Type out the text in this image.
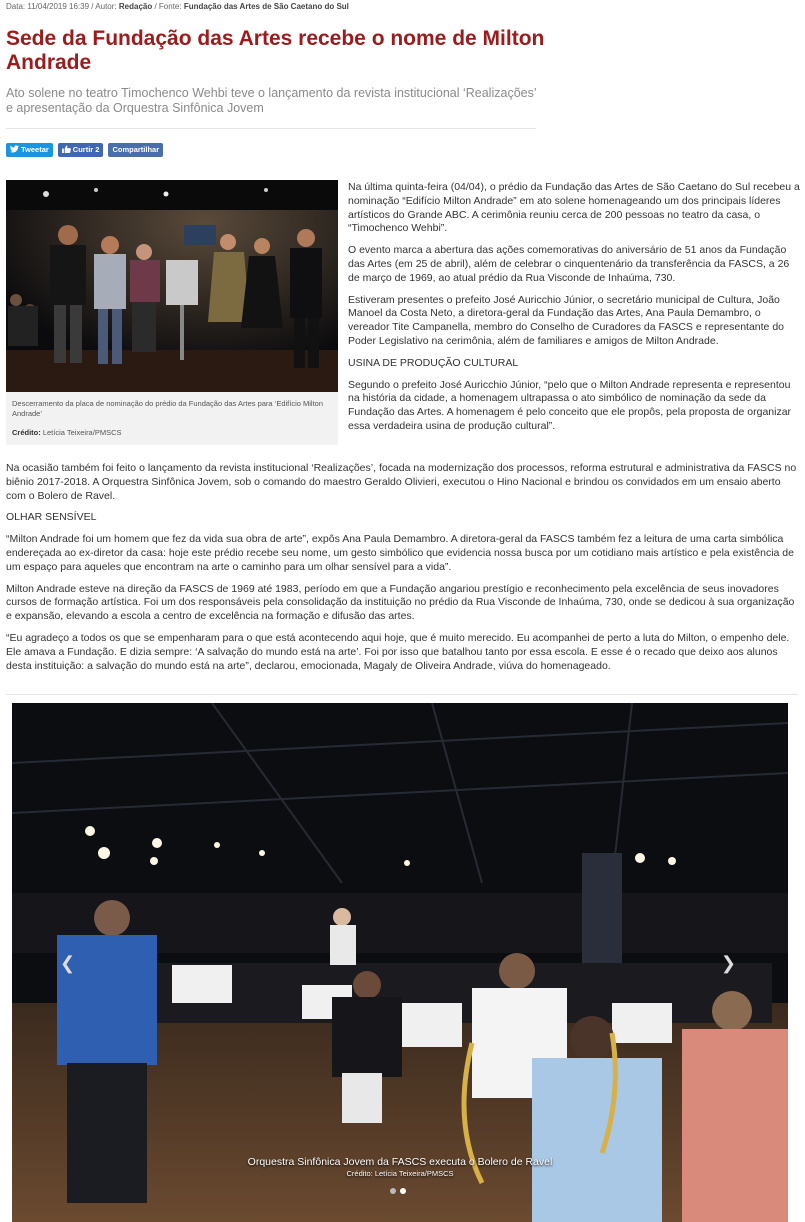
Data: 11/04/2019 16:39 / Autor: Redação / Fonte: Fundação das Artes de São Caetano do Sul
Sede da Fundação das Artes recebe o nome de Milton Andrade

Ato solene no teatro Timochenco Wehbi teve o lançamento da revista institucional ‘Realizações’ e apresentação da Orquestra Sinfônica Jovem

Tweetar	Curtir 2 Compartilhar
Descerramento da placa de nominação do prédio da Fundação das Artes para ‘Edifício Milton Andrade’
Crédito: Letícia Teixeira/PMSCS

Na última quinta-feira (04/04), o prédio da Fundação das Artes de São Caetano do Sul recebeu a nominação “Edifício Milton Andrade” em ato solene homenageando um dos principais líderes artísticos do Grande ABC. A cerimônia reuniu cerca de 200 pessoas no teatro da casa, o “Timochenco Wehbi”.

O evento marca a abertura das ações comemorativas do aniversário de 51 anos da Fundação das Artes (em 25 de abril), além de celebrar o cinquentenário da transferência da FASCS, a 26 de março de 1969, ao atual prédio da Rua Visconde de Inhaúma, 730.

Estiveram presentes o prefeito José Auricchio Júnior, o secretário municipal de Cultura, João Manoel da Costa Neto, a diretora-geral da Fundação das Artes, Ana Paula Demambro, o vereador Tite Campanella, membro do Conselho de Curadores da FASCS e representante do Poder Legislativo na cerimônia, além de familiares e amigos de Milton Andrade.

USINA DE PRODUÇÃO CULTURAL

Segundo o prefeito José Auricchio Júnior, “pelo que o Milton Andrade representa e representou na história da cidade, a homenagem ultrapassa o ato simbólico de nominação da sede da Fundação das Artes. A homenagem é pelo conceito que ele propôs, pela proposta de organizar essa verdadeira usina de produção cultural”.

Na ocasião também foi feito o lançamento da revista institucional ‘Realizações’, focada na modernização dos processos, reforma estrutural e administrativa da FASCS no biênio 2017-2018. A Orquestra Sinfônica Jovem, sob o comando do maestro Geraldo Olivieri, executou o Hino Nacional e brindou os convidados em um ensaio aberto com o Bolero de Ravel.

OLHAR SENSÍVEL

“Milton Andrade foi um homem que fez da vida sua obra de arte”, expôs Ana Paula Demambro. A diretora-geral da FASCS também fez a leitura de uma carta simbólica endereçada ao ex-diretor da casa: hoje este prédio recebe seu nome, um gesto simbólico que evidencia nossa busca por um cotidiano mais artístico e pela existência de um espaço para aqueles que encontram na arte o caminho para um olhar sensível para a vida”.

Milton Andrade esteve na direção da FASCS de 1969 até 1983, período em que a Fundação angariou prestígio e reconhecimento pela excelência de seus inovadores cursos de formação artística. Foi um dos responsáveis pela consolidação da instituição no prédio da Rua Visconde de Inhaúma, 730, onde se dedicou à sua organização e expansão, elevando a escola a centro de excelência na formação e difusão das artes.

“Eu agradeço a todos os que se empenharam para o que está acontecendo aqui hoje, que é muito merecido. Eu acompanhei de perto a luta do Milton, o empenho dele. Ele amava a Fundação. E dizia sempre: ‘A salvação do mundo está na arte’. Foi por isso que batalhou tanto por essa escola. E esse é o recado que deixo aos alunos desta instituição: a salvação do mundo está na arte”, declarou, emocionada, Magaly de Oliveira Andrade, viúva do homenageado.

❮	❯
Orquestra Sinfônica Jovem da FASCS executa o Bolero de Ravel
Crédito: Letícia Teixeira/PMSCS
